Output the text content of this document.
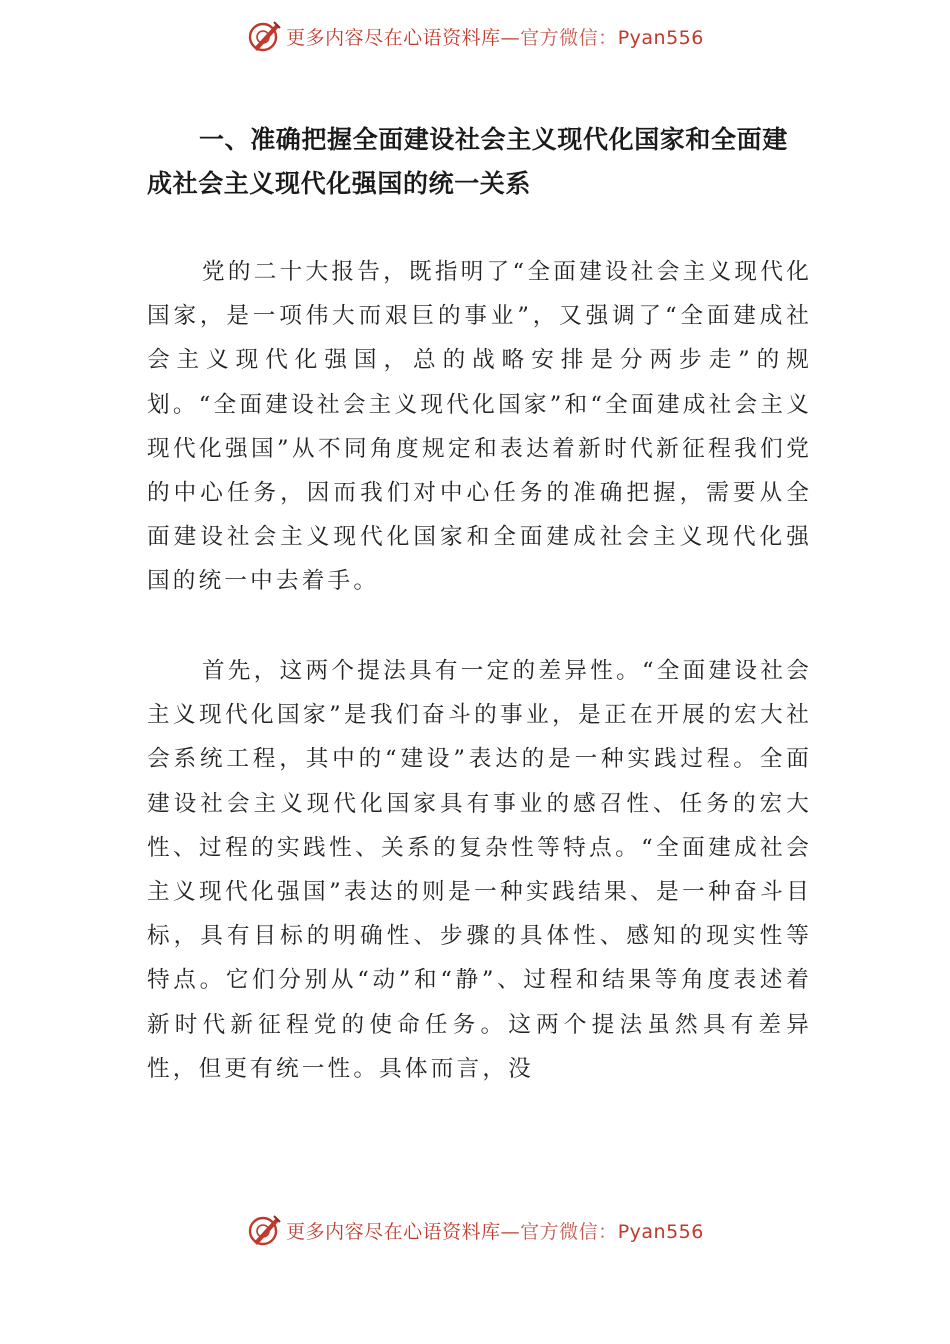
更多内容尽在心语资料库—官方微信：Pyan556
一、准确把握全面建设社会主义现代化国家和全面建成社会主义现代化强国的统一关系

党的二十大报告，既指明了“全面建设社会主义现代化国家，是一项伟大而艰巨的事业”，又强调了“全面建成社会主义现代化强国，总的战略安排是分两步走”的规划。“全面建设社会主义现代化国家”和“全面建成社会主义现代化强国”从不同角度规定和表达着新时代新征程我们党的中心任务，因而我们对中心任务的准确把握，需要从全面建设社会主义现代化国家和全面建成社会主义现代化强国的统一中去着手。

首先，这两个提法具有一定的差异性。“全面建设社会主义现代化国家”是我们奋斗的事业，是正在开展的宏大社会系统工程，其中的“建设”表达的是一种实践过程。全面建设社会主义现代化国家具有事业的感召性、任务的宏大性、过程的实践性、关系的复杂性等特点。“全面建成社会主义现代化强国”表达的则是一种实践结果、是一种奋斗目标，具有目标的明确性、步骤的具体性、感知的现实性等特点。它们分别从“动”和“静”、过程和结果等角度表述着新时代新征程党的使命任务。这两个提法虽然具有差异性，但更有统一性。具体而言，没

更多内容尽在心语资料库—官方微信：Pyan556
